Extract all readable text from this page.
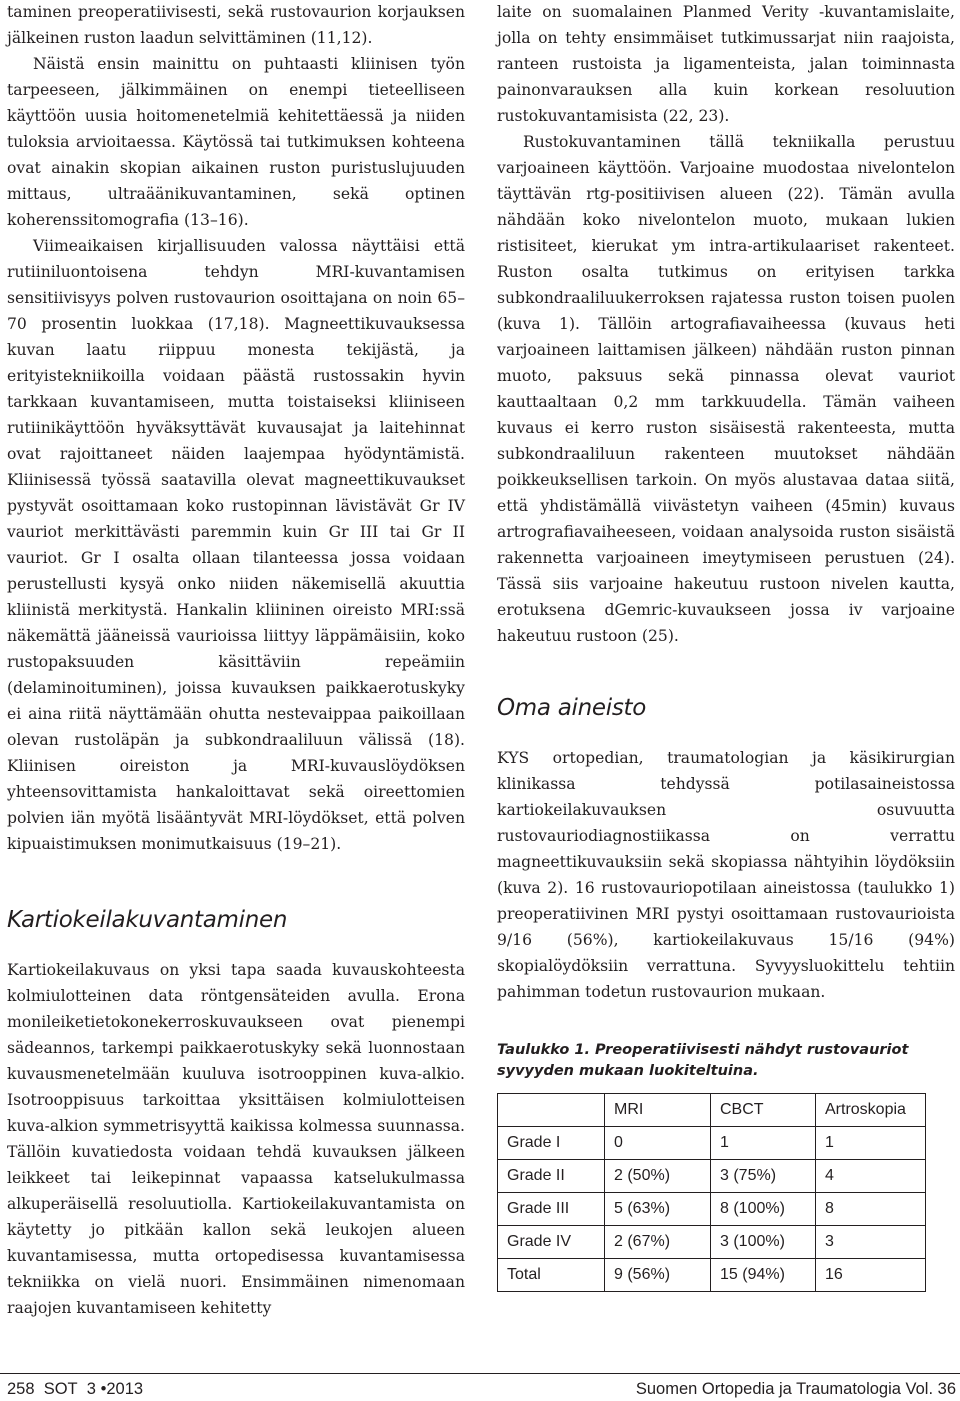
taminen preoperatiivisesti, sekä rustovaurion korjauksen jälkeinen ruston laadun selvittäminen (11,12).

Näistä ensin mainittu on puhtaasti kliinisen työn tarpeeseen, jälkimmäinen on enempi tieteelliseen käyttöön uusia hoitomenetelmiä kehitettäessä ja niiden tuloksia arvioitaessa. Käytössä tai tutkimuksen kohteena ovat ainakin skopian aikainen ruston puristuslujuuden mittaus, ultraäänikuvantaminen, sekä optinen koherenssitomografia (13–16).

Viimeaikaisen kirjallisuuden valossa näyttäisi että rutiiniluontoisena tehdyn MRI-kuvantamisen sensitiivisyys polven rustovaurion osoittajana on noin 65–70 prosentin luokkaa (17,18). Magneettikuvauksessa kuvan laatu riippuu monesta tekijästä, ja erityistekniikoilla voidaan päästä rustossakin hyvin tarkkaan kuvantamiseen, mutta toistaiseksi kliiniseen rutiinikäyttöön hyväksyttävät kuvausajat ja laitehinnat ovat rajoittaneet näiden laajempaa hyödyntämistä. Kliinisessä työssä saatavilla olevat magneettikuvaukset pystyvät osoittamaan koko rustopinnan lävistävät Gr IV vauriot merkittävästi paremmin kuin Gr III tai Gr II vauriot. Gr I osalta ollaan tilanteessa jossa voidaan perustellusti kysyä onko niiden näkemisellä akuuttia kliinistä merkitystä. Hankalin kliininen oireisto MRI:ssä näkemättä jääneissä vaurioissa liittyy läppämäisiin, koko rustopaksuuden käsittäviin repeämiin (delaminoituminen), joissa kuvauksen paikkaerotuskyky ei aina riitä näyttämään ohutta nestevaippaa paikoillaan olevan rustoläpän ja subkondraaliluun välissä (18). Kliinisen oireiston ja MRI-kuvauslöydöksen yhteensovittamista hankaloittavat sekä oireettomien polvien iän myötä lisääntyvät MRI-löydökset, että polven kipuaistimuksen monimutkaisuus (19–21).

Kartiokeilakuvantaminen

Kartiokeilakuvaus on yksi tapa saada kuvauskohteesta kolmiulotteinen data röntgensäteiden avulla. Erona monileiketietokonekerroskuvaukseen ovat pienempi sädeannos, tarkempi paikkaerotuskyky sekä luonnostaan kuvausmenetelmään kuuluva isotrooppinen kuva-alkio. Isotrooppisuus tarkoittaa yksittäisen kolmiulotteisen kuva-alkion symmetrisyyttä kaikissa kolmessa suunnassa. Tällöin kuvatiedosta voidaan tehdä kuvauksen jälkeen leikkeet tai leikepinnat vapaassa katselukulmassa alkuperäisellä resoluutiolla. Kartiokeilakuvantamista on käytetty jo pitkään kallon sekä leukojen alueen kuvantamisessa, mutta ortopedisessa kuvantamisessa tekniikka on vielä nuori. Ensimmäinen nimenomaan raajojen kuvantamiseen kehitetty

laite on suomalainen Planmed Verity -kuvantamislaite, jolla on tehty ensimmäiset tutkimussarjat niin raajoista, ranteen rustoista ja ligamenteista, jalan toiminnasta painonvarauksen alla kuin korkean resoluution rustokuvantamisista (22, 23).

Rustokuvantaminen tällä tekniikalla perustuu varjoaineen käyttöön. Varjoaine muodostaa nivelontelon täyttävän rtg-positiivisen alueen (22). Tämän avulla nähdään koko nivelontelon muoto, mukaan lukien ristisiteet, kierukat ym intra-artikulaariset rakenteet. Ruston osalta tutkimus on erityisen tarkka subkondraaliluukerroksen rajatessa ruston toisen puolen (kuva 1). Tällöin artografiavaiheessa (kuvaus heti varjoaineen laittamisen jälkeen) nähdään ruston pinnan muoto, paksuus sekä pinnassa olevat vauriot kauttaaltaan 0,2 mm tarkkuudella. Tämän vaiheen kuvaus ei kerro ruston sisäisestä rakenteesta, mutta subkondraaliluun rakenteen muutokset nähdään poikkeuksellisen tarkoin. On myös alustavaa dataa siitä, että yhdistämällä viivästetyn vaiheen (45min) kuvaus artrografiavaiheeseen, voidaan analysoida ruston sisäistä rakennetta varjoaineen imeytymiseen perustuen (24). Tässä siis varjoaine hakeutuu rustoon nivelen kautta, erotuksena dGemric-kuvaukseen jossa iv varjoaine hakeutuu rustoon (25).

Oma aineisto

KYS ortopedian, traumatologian ja käsikirurgian klinikassa tehdyssä potilasaineistossa kartiokeilakuvauksen osuvuutta rustovauriodiagnostiikassa on verrattu magneettikuvauksiin sekä skopiassa nähtyihin löydöksiin (kuva 2). 16 rustovauriopotilaan aineistossa (taulukko 1) preoperatiivinen MRI pystyi osoittamaan rustovaurioista 9/16 (56%), kartiokeilakuvaus 15/16 (94%) skopialöydöksiin verrattuna. Syvyysluokittelu tehtiin pahimman todetun rustovaurion mukaan.

Taulukko 1. Preoperatiivisesti nähdyt rustovauriot syvyyden mukaan luokiteltuina.

	MRI	CBCT	Artroskopia
Grade I	0	1	1
Grade II	2 (50%)	3 (75%)	4
Grade III	5 (63%)	8 (100%)	8
Grade IV	2 (67%)	3 (100%)	3
Total	9 (56%)	15 (94%)	16
258 SOT 3 •2013	Suomen Ortopedia ja Traumatologia Vol. 36
